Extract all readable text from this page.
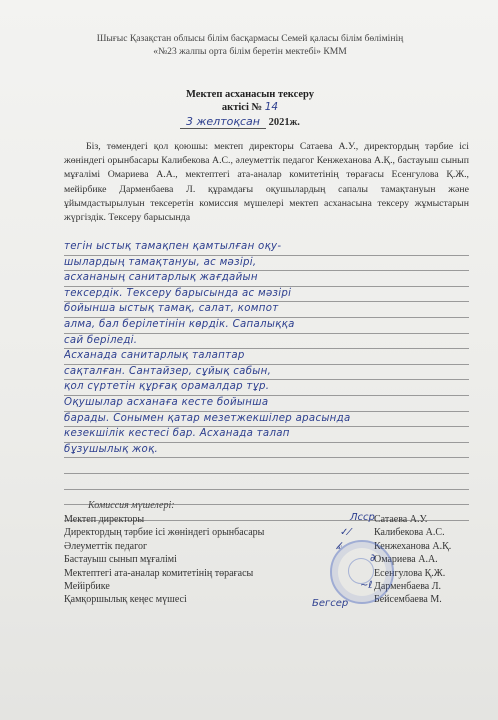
Шығыс Қазақстан облысы білім басқармасы Семей қаласы білім бөлімінің
«№23 жалпы орта білім беретін мектебі» КММ
Мектеп асханасын тексеру
актісі № 14
3 желтоқсан 2021ж.
Біз, төмендегі қол қоюшы: мектеп директоры Сатаева А.У., директордың тәрбие ісі жөніндегі орынбасары Калибекова А.С., әлеуметтік педагог Кенжеханова А.Қ., бастауыш сынып мұғалімі Омариева А.А., мектептегі ата-аналар комитетінің төрағасы Есенгулова Қ.Ж., мейірбике Дарменбаева Л. құрамдағы оқушылардың сапалы тамақтануын және ұйымдастырылуын тексеретін комиссия мүшелері мектеп асханасына тексеру жұмыстарын жүргіздік. Тексеру барысында
тегін ыстық тамақпен қамтылған оқу-
шылардың тамақтануы, ас мәзірі,
асхананың санитарлық жағдайын
тексердік. Тексеру барысында ас мәзірі
бойынша ыстық тамақ, салат, компот
алма, бал берілетінін көрдік. Сапалыққа
сай беріледі.
Асханада санитарлық талаптар
сақталған. Сантайзер, сұйық сабын,
қол сүртетін құрғақ орамалдар тұр.
Оқушылар асханаға кесте бойынша
барады. Сонымен қатар мезетжекшілер арасында
кезекшілік кестесі бар. Асханада талап
бұзушылық жоқ.
Комиссия мүшелері:
Мектеп директоры	Сатаева А.У.
Директордың тәрбие ісі жөніндегі орынбасары	Калибекова А.С.
Әлеуметтік педагог	Кенжеханова А.Қ.
Бастауыш сынып мұғалімі	Омариева А.А.
Мектептегі ата-аналар комитетінің төрағасы	Есенгулова Қ.Ж.
Мейірбике	Дарменбаева Л.
Қамқоршылық кеңес мүшесі	Бейсембаева М.
Лсср
✓⁄
𝓀
∂
~ℓ
Бегсер
